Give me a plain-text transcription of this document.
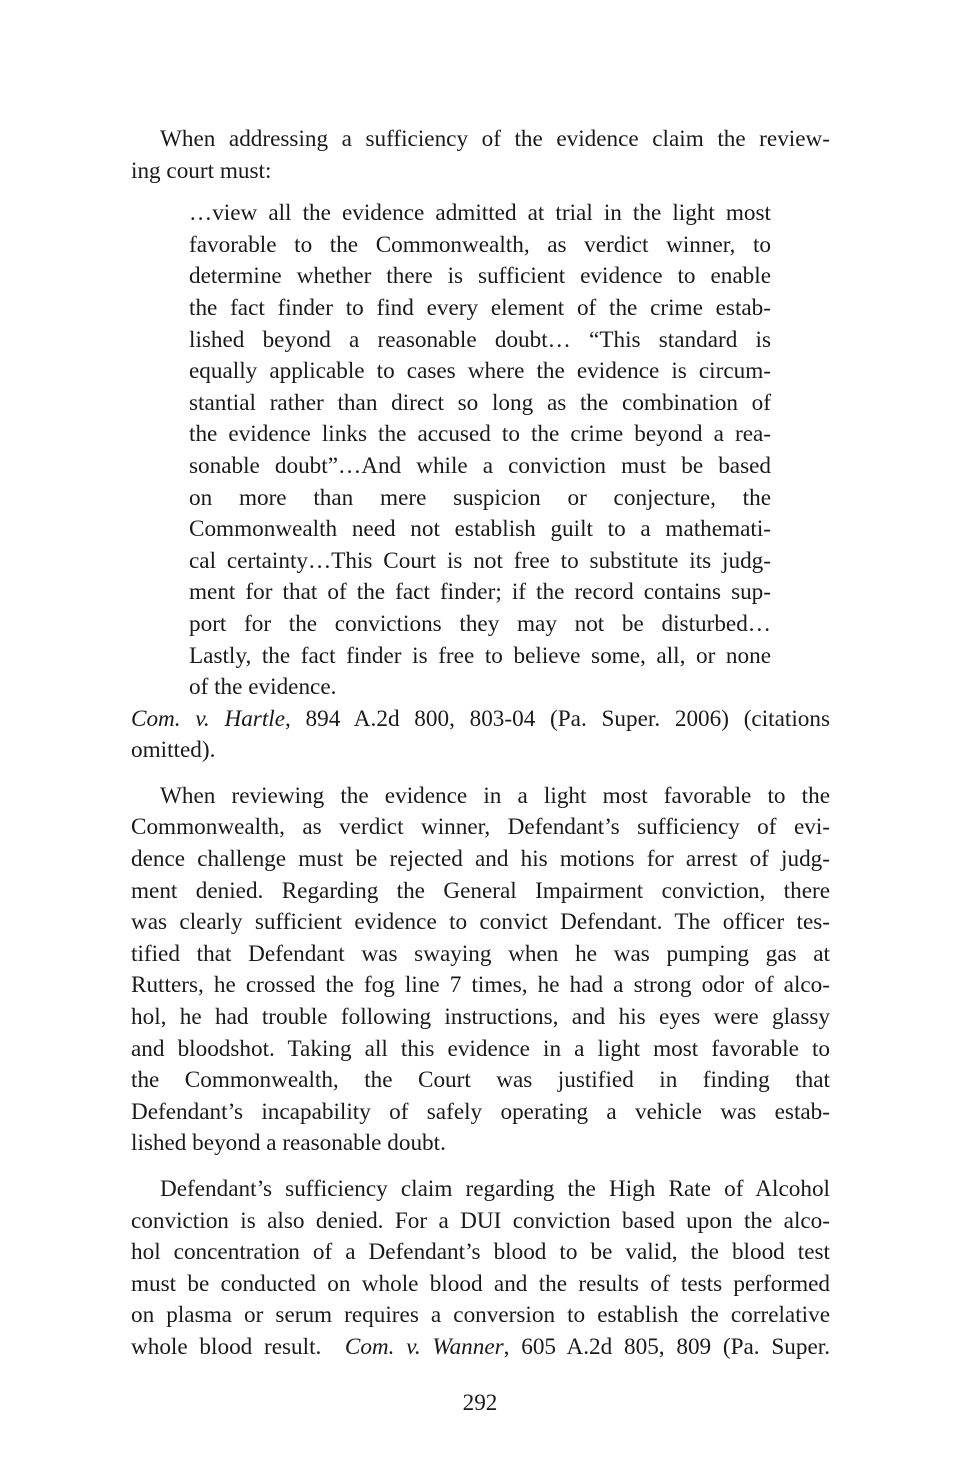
When addressing a sufficiency of the evidence claim the review-
ing court must:

…view all the evidence admitted at trial in the light most
favorable to the Commonwealth, as verdict winner, to
determine whether there is sufficient evidence to enable
the fact finder to find every element of the crime estab-
lished beyond a reasonable doubt… “This standard is
equally applicable to cases where the evidence is circum-
stantial rather than direct so long as the combination of
the evidence links the accused to the crime beyond a rea-
sonable doubt”…And while a conviction must be based
on more than mere suspicion or conjecture, the
Commonwealth need not establish guilt to a mathemati-
cal certainty…This Court is not free to substitute its judg-
ment for that of the fact finder; if the record contains sup-
port for the convictions they may not be disturbed…
Lastly, the fact finder is free to believe some, all, or none
of the evidence.

Com. v. Hartle, 894 A.2d 800, 803-04 (Pa. Super. 2006) (citations
omitted).

When reviewing the evidence in a light most favorable to the
Commonwealth, as verdict winner, Defendant’s sufficiency of evi-
dence challenge must be rejected and his motions for arrest of judg-
ment denied. Regarding the General Impairment conviction, there
was clearly sufficient evidence to convict Defendant. The officer tes-
tified that Defendant was swaying when he was pumping gas at
Rutters, he crossed the fog line 7 times, he had a strong odor of alco-
hol, he had trouble following instructions, and his eyes were glassy
and bloodshot. Taking all this evidence in a light most favorable to
the Commonwealth, the Court was justified in finding that
Defendant’s incapability of safely operating a vehicle was estab-
lished beyond a reasonable doubt.

Defendant’s sufficiency claim regarding the High Rate of Alcohol
conviction is also denied. For a DUI conviction based upon the alco-
hol concentration of a Defendant’s blood to be valid, the blood test
must be conducted on whole blood and the results of tests performed
on plasma or serum requires a conversion to establish the correlative
whole blood result.  Com. v. Wanner, 605 A.2d 805, 809 (Pa. Super.

292
